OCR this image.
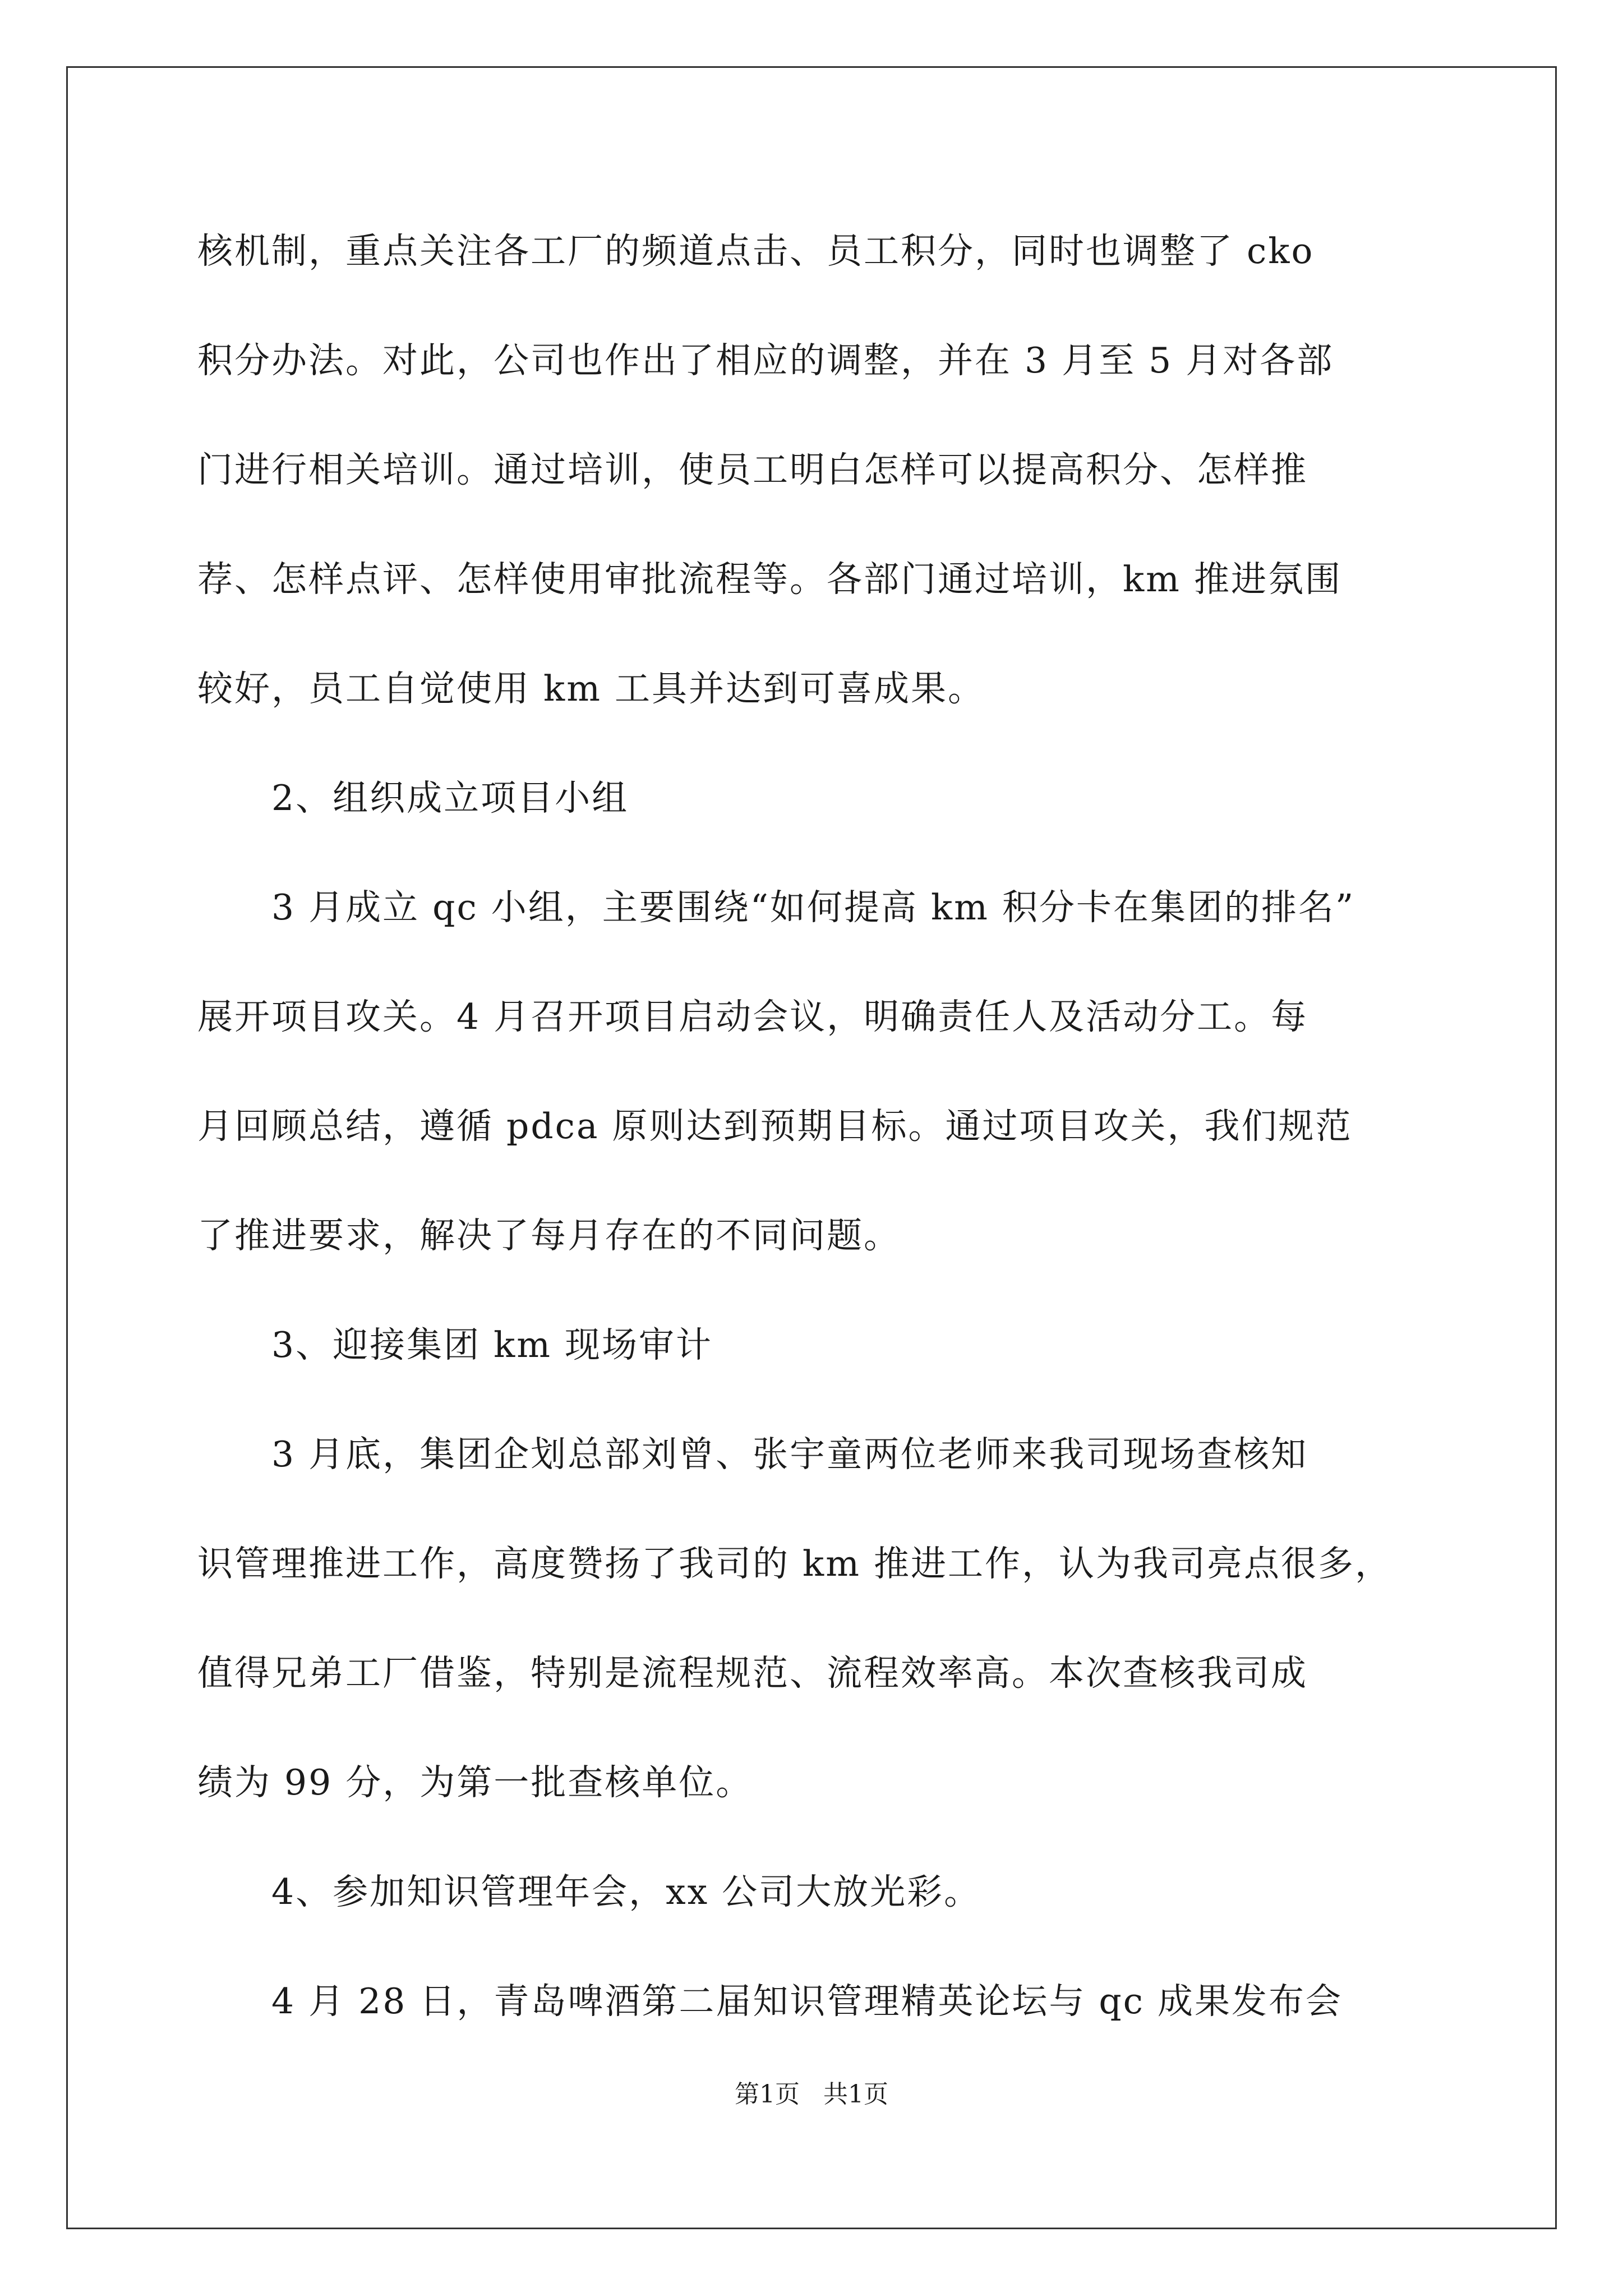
核机制，重点关注各工厂的频道点击、员工积分，同时也调整了 cko
积分办法。对此，公司也作出了相应的调整，并在 3 月至 5 月对各部
门进行相关培训。通过培训，使员工明白怎样可以提高积分、怎样推
荐、怎样点评、怎样使用审批流程等。各部门通过培训，km 推进氛围
较好，员工自觉使用 km 工具并达到可喜成果。
　　2、组织成立项目小组
　　3 月成立 qc 小组，主要围绕“如何提高 km 积分卡在集团的排名”
展开项目攻关。4 月召开项目启动会议，明确责任人及活动分工。每
月回顾总结，遵循 pdca 原则达到预期目标。通过项目攻关，我们规范
了推进要求，解决了每月存在的不同问题。
　　3、迎接集团 km 现场审计
　　3 月底，集团企划总部刘曾、张宇童两位老师来我司现场查核知
识管理推进工作，高度赞扬了我司的 km 推进工作，认为我司亮点很多，
值得兄弟工厂借鉴，特别是流程规范、流程效率高。本次查核我司成
绩为 99 分，为第一批查核单位。
　　4、参加知识管理年会，xx 公司大放光彩。
　　4 月 28 日，青岛啤酒第二届知识管理精英论坛与 qc 成果发布会
第1页 共1页
